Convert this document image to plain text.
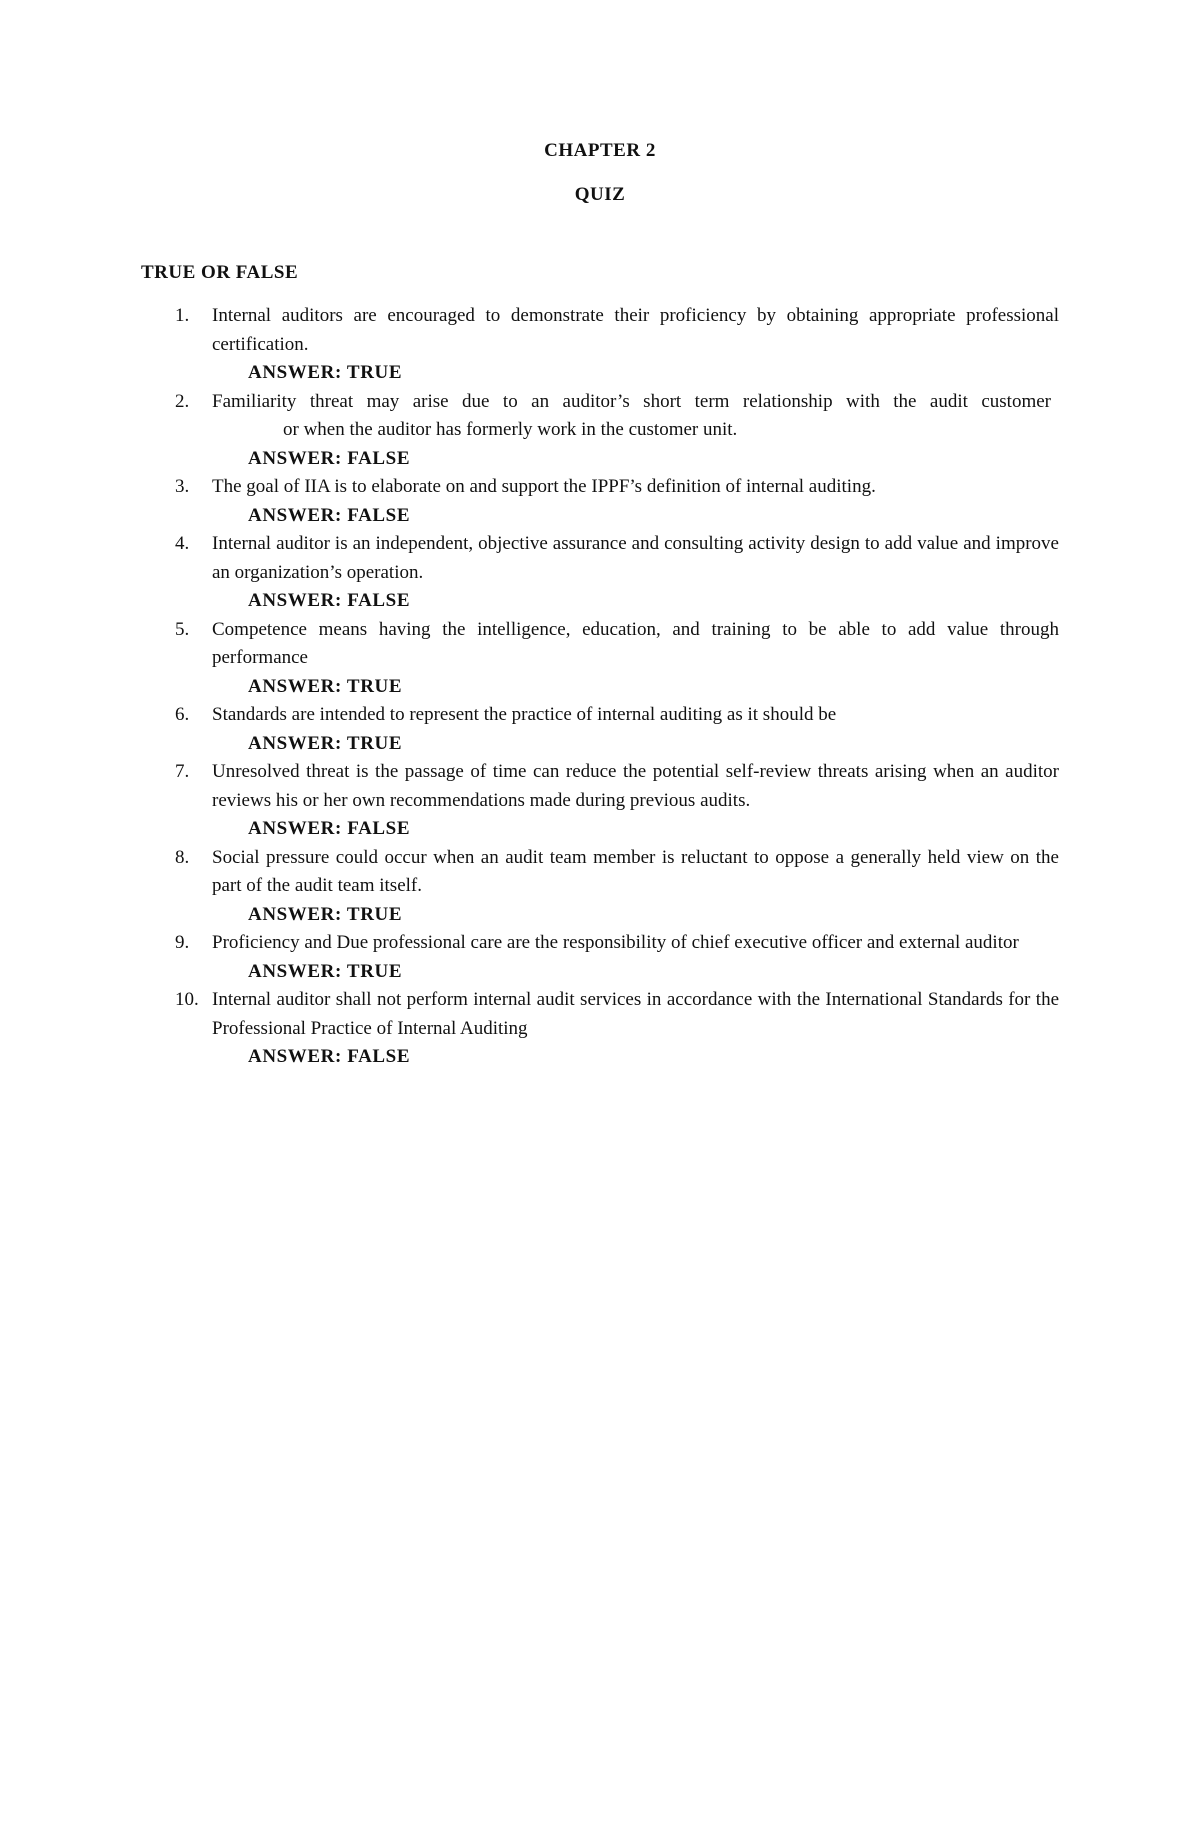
CHAPTER 2
QUIZ
TRUE OR FALSE
1. Internal auditors are encouraged to demonstrate their proficiency by obtaining appropriate professional certification.
ANSWER: TRUE
2. Familiarity threat may arise due to an auditor’s short term relationship with the audit customer
or when the auditor has formerly work in the customer unit.
ANSWER: FALSE
3. The goal of IIA is to elaborate on and support the IPPF’s definition of internal auditing.
ANSWER: FALSE
4. Internal auditor is an independent, objective assurance and consulting activity design to add value and improve an organization’s operation.
ANSWER: FALSE
5. Competence means having the intelligence, education, and training to be able to add value through performance
ANSWER: TRUE
6. Standards are intended to represent the practice of internal auditing as it should be
ANSWER: TRUE
7. Unresolved threat is the passage of time can reduce the potential self-review threats arising when an auditor reviews his or her own recommendations made during previous audits.
ANSWER: FALSE
8. Social pressure could occur when an audit team member is reluctant to oppose a generally held view on the part of the audit team itself.
ANSWER: TRUE
9. Proficiency and Due professional care are the responsibility of chief executive officer and external auditor
ANSWER: TRUE
10. Internal auditor shall not perform internal audit services in accordance with the International Standards for the Professional Practice of Internal Auditing
ANSWER: FALSE
